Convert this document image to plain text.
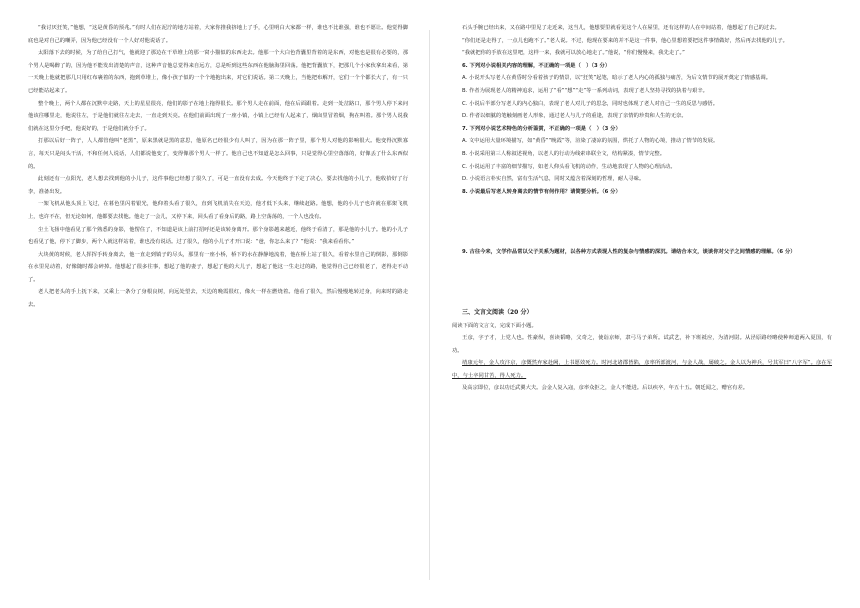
“我讨厌狂笑，”他想，“这是黄昏的预兆。”有时人们在泥泞的地方站着，大家你推我挤地上了手，心里明白大家都一样，谁也不比谁强，谁也不愿让。他觉得脚底也是对自己的嘲弄，因为他已经没有一个人好对他说话了。

太阳落下去的时候，为了给自己打气，他就迎了那边在干草堆上的那一窝小猫似的东西走去。他那一个大白色背囊里背着的是东西，对他也是很有必要的，那个男人是喝醉了的，因为他不能发出清楚的声音，这种声音他总觉得来自远方，总是听到这些东西在他脑海里回荡。他把背囊放下，把那几个小家伙拿出来看，第一天晚上他就把那几只用红布裹着的东西，抱到草堆上，像小孩子似的一个个地抱出来，对它们说话。第二天晚上，当他把布解开，它们一个个都长大了，有一只已经能站起来了。

整个晚上，两个人都在沉默中走路，天上的星星很亮，他们的影子在地上拖得很长。那个男人走在前面，他在后面跟着。走到一处岔路口，那个男人停下来问他该往哪里走，他说往左，于是他们就往左走去，一直走到天亮。在他们前面出现了一座小镇，小镇上已经有人起来了，烟囱里冒着烟，狗在叫着。那个男人说我们就在这里分手吧，他说好的，于是他们就分手了。

打那以后好一阵子，人人都管他叫“老黑”，原来黑就是黑的意思，他原名已经很少有人叫了，因为在那一阵子里，那个男人对他的影响很大。他变得沉默寡言，每天只是闷头干活，不和任何人说话，人们都说他变了，变得像那个男人一样了。他自己也不知道是怎么回事，只是觉得心里空落落的，好像丢了什么东西似的。

此刻还有一点阳光，老人想去找到他的小儿子，这件事他已经想了很久了，可是一直没有去成。今天他终于下定了决心，要去找他的小儿子，他收拾好了行李，准备出发。

一架飞机从他头顶上飞过，在暮色里闪着银光，他仰着头看了很久，直到飞机消失在天边，他才低下头来，继续赶路。他想，他的小儿子也许就在那架飞机上，也许不在，但无论如何，他都要去找他。他走了一会儿，又停下来，回头看了看身后的路，路上空荡荡的，一个人也没有。

尘土飞扬中他看见了那个熟悉的身影，他愣住了，不知道是该上前打招呼还是该转身离开。那个身影越来越近，他终于看清了，那是他的小儿子。他的小儿子也看见了他，停下了脚步，两个人就这样站着，谁也没有说话。过了很久，他的小儿子才开口说：“爸，你怎么来了？”他说：“我来看看你。”

大块黄的时候，老人挥挥手转身离去，他一直走到镇子的尽头，那里有一座小桥，桥下的水在静静地流着，他在桥上站了很久，看着水里自己的倒影，那倒影在水里晃动着，好像随时都会碎掉。他想起了很多往事，想起了他的妻子，想起了他的大儿子，想起了他这一生走过的路，他觉得自己已经很老了，老得走不动了。

老人把老头的手上抚下来，又乘上一条分了身根良树，向远处望去，天边的晚霞很红，像火一样在燃烧着。他看了很久，然后慢慢地转过身，向来时的路走去。

石头手腕已经出来，又在路中里见了走近来，这当儿，他想要里就看见这个人在屋里，还有这样的人在中间站着，他想起了自己的过去。

“你们还是走得了，一点儿也跑不了。”老人说。不过，他现在要来的并不是这一件事，他心里想着要把这件事情做好，然后再去找他的儿子。

“我就把你的手放在这里吧，这样一来，我就可以放心地走了。”他说，“你们慢慢来，我先走了。”

6. 下列对小说相关内容的理解，不正确的一项是（　）（3 分）

A. 小说开头写老人在黄昏时分看着孩子的情景，以“狂笑”起笔，暗示了老人内心的孤独与痛苦，为后文情节的展开奠定了情感基调。

B. 作者为展现老人的精神追求，运用了“看”“想”“走”等一系列动词，表现了老人坚持寻找的执着与艰辛。

C. 小说后半部分写老人的内心独白，表现了老人对儿子的思念，同时也体现了老人对自己一生的反思与感悟。

D. 作者以细腻的笔触刻画老人形象，通过老人与儿子的重逢，表现了亲情的珍贵和人生的无奈。

7. 下列对小说艺术特色的分析鉴赏，不正确的一项是（　）（3 分）

A. 文中运用大量环境描写，如“黄昏”“晚霞”等，渲染了凄凉的氛围，烘托了人物的心境，推动了情节的发展。

B. 小说采用第三人称叙述视角，以老人的行动为线索串联全文，结构紧凑，情节完整。

C. 小说运用了丰富的细节描写，如老人仰头看飞机的动作，生动地表现了人物的心理活动。

D. 小说语言朴实自然，富有生活气息，同时又蕴含着深刻的哲理，耐人寻味。

8. 小说最后写老人转身离去的情节有何作用？请简要分析。（6 分）

9. 古往今来，文学作品常以父子关系为题材，以各种方式表现人性的复杂与情感的深沉。请结合本文，谈谈你对父子之间情感的理解。（6 分）

三、文言文阅读（20 分）

阅读下面的文言文，完成下面小题。

王彦，字子才，上党人也。性豪纵，喜读韬略，父奇之，使诣京师，隶弓马子弟所。试武艺，补下班祗应，为清河尉。从泾原路经略使种师道两入夏国，有功。

靖康元年，金人攻汴京，彦慨然弃家赴阙，上书愿效死力。时河北诸郡皆陷，彦率所部渡河，与金人战，屡破之。金人以为神兵，号其军曰“八字军”。彦在军中，与士卒同甘苦，得人死力。

及高宗即位，彦以功迁武翼大夫。会金人复入寇，彦率众拒之，金人不能进。后以疾卒，年五十五。朝廷闻之，赠官有差。
